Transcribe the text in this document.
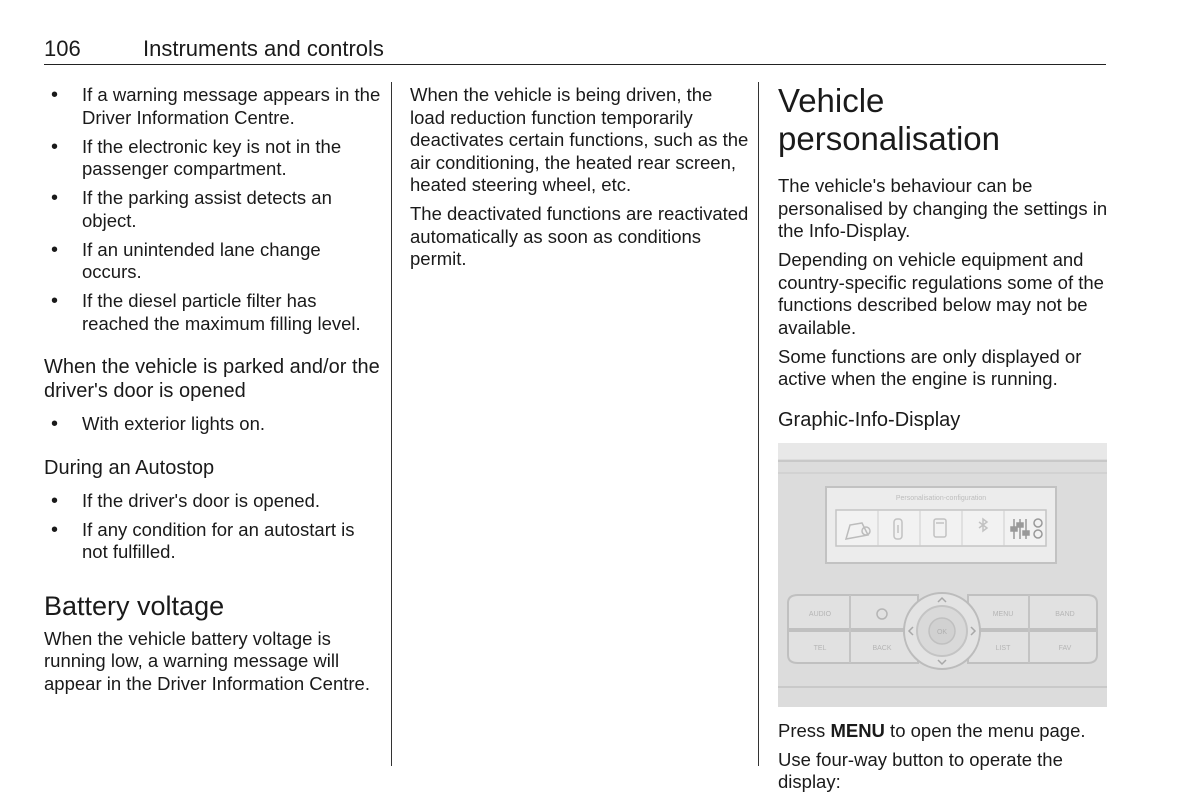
106	Instruments and controls
• If a warning message appears in the Driver Information Centre.
• If the electronic key is not in the passenger compartment.
• If the parking assist detects an object.
• If an unintended lane change occurs.
• If the diesel particle filter has reached the maximum filling level.
When the vehicle is parked and/or the driver's door is opened
• With exterior lights on.
During an Autostop
• If the driver's door is opened.
• If any condition for an autostart is not fulfilled.
Battery voltage

When the vehicle battery voltage is running low, a warning message will appear in the Driver Information Centre.

When the vehicle is being driven, the load reduction function temporarily deactivates certain functions, such as the air conditioning, the heated rear screen, heated steering wheel, etc.

The deactivated functions are reactivated automatically as soon as conditions permit.

Vehicle personalisation

The vehicle's behaviour can be personalised by changing the settings in the Info-Display.

Depending on vehicle equipment and country-specific regulations some of the functions described below may not be available.

Some functions are only displayed or active when the engine is running.

Graphic-Info-Display
Personalisation-configuration
AUDIO
TEL	BACK
MENU	BAND
LIST	FAV
OK

Press MENU to open the menu page.

Use four-way button to operate the display:
